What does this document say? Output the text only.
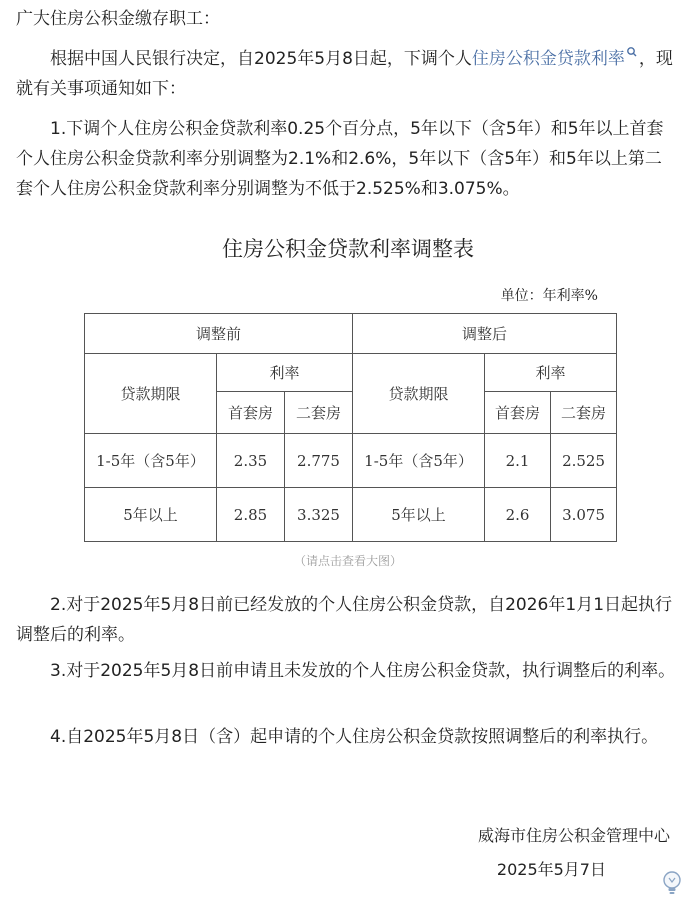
广大住房公积金缴存职工：

根据中国人民银行决定，自2025年5月8日起，下调个人住房公积金贷款利率 ，现就有关事项通知如下：

1.下调个人住房公积金贷款利率0.25个百分点，5年以下（含5年）和5年以上首套个人住房公积金贷款利率分别调整为2.1%和2.6%，5年以下（含5年）和5年以上第二套个人住房公积金贷款利率分别调整为不低于2.525%和3.075%。

住房公积金贷款利率调整表
单位：年利率%
调整前			调整后		
贷款期限	利率		贷款期限	利率	
	首套房	二套房		首套房	二套房
1-5年（含5年）	2.35	2.775	1-5年（含5年）	2.1	2.525
5年以上	2.85	3.325	5年以上	2.6	3.075
（请点击查看大图）

2.对于2025年5月8日前已经发放的个人住房公积金贷款，自2026年1月1日起执行调整后的利率。

3.对于2025年5月8日前申请且未发放的个人住房公积金贷款，执行调整后的利率。

4.自2025年5月8日（含）起申请的个人住房公积金贷款按照调整后的利率执行。

威海市住房公积金管理中心
2025年5月7日
